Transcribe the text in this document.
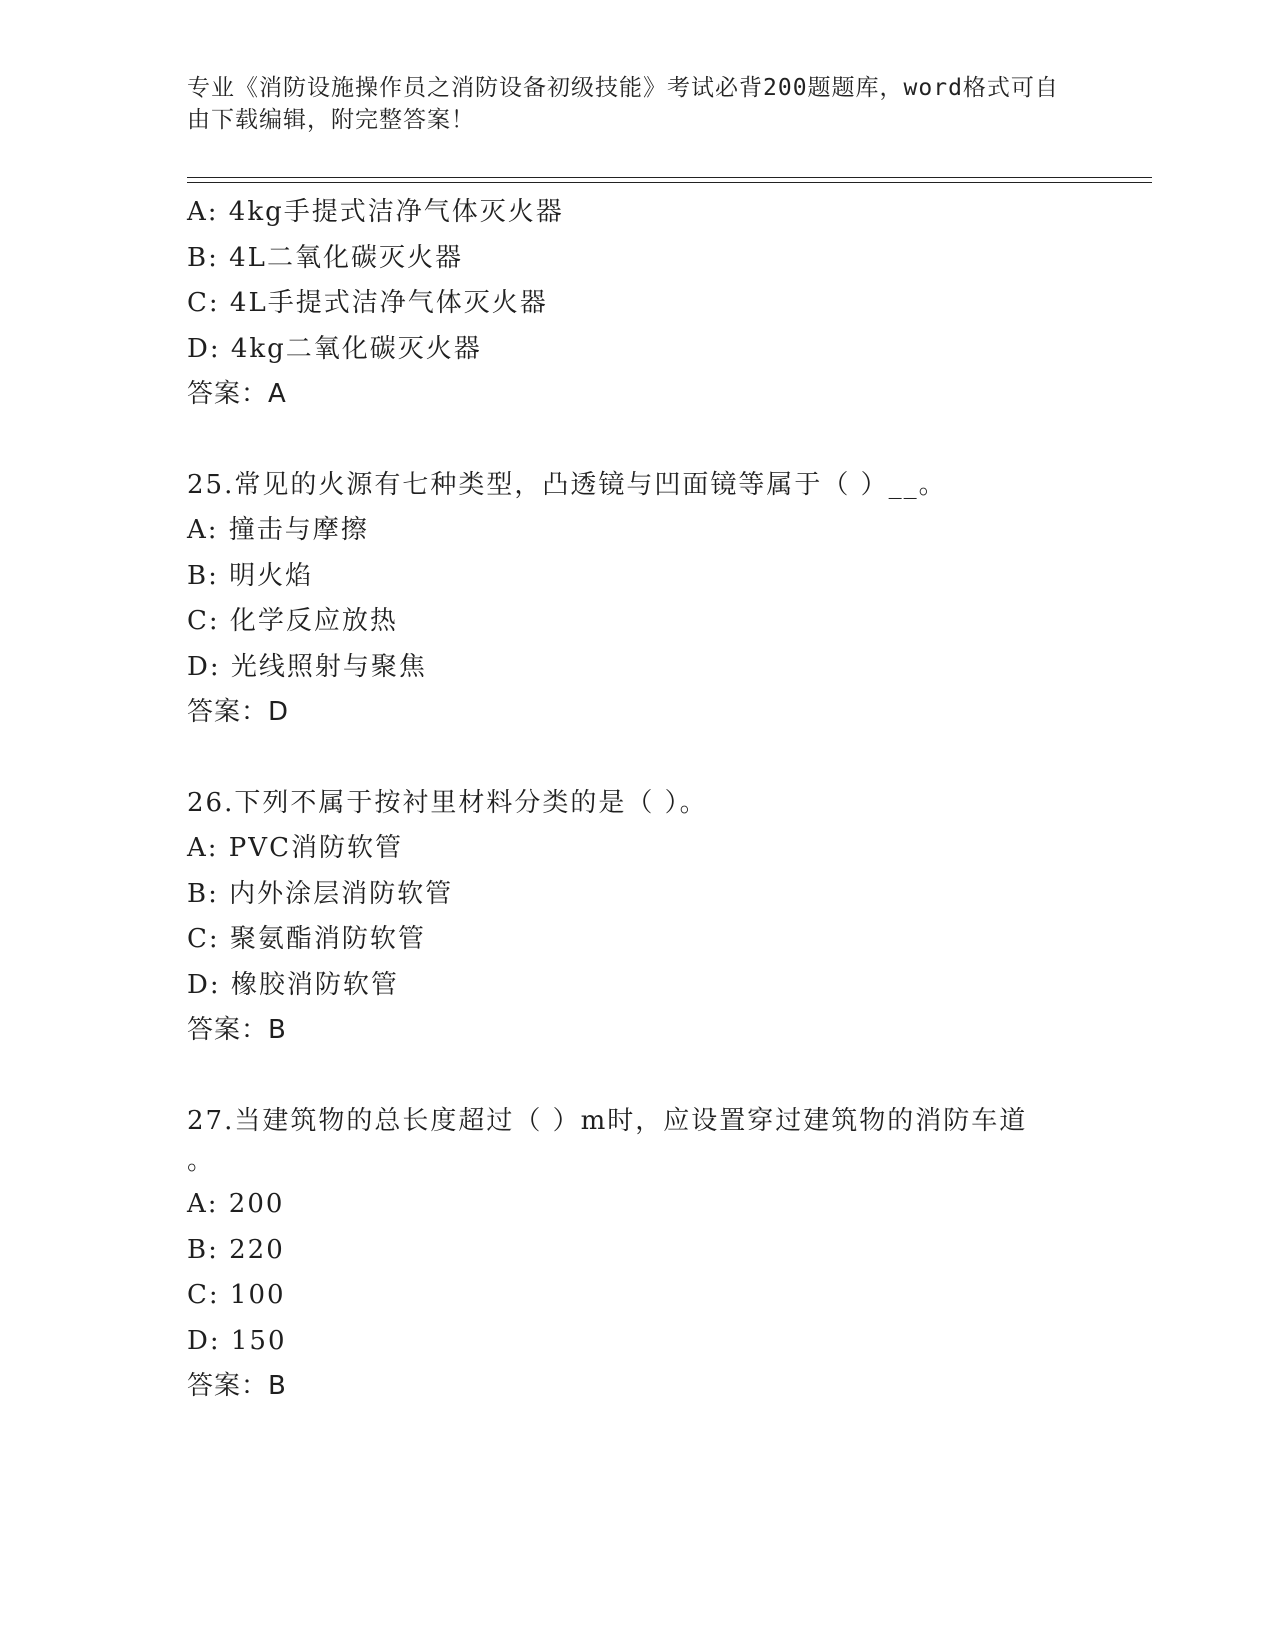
专业《消防设施操作员之消防设备初级技能》考试必背200题题库，word格式可自由下载编辑，附完整答案！
A: 4kg手提式洁净气体灭火器
B: 4L二氧化碳灭火器
C: 4L手提式洁净气体灭火器
D: 4kg二氧化碳灭火器
答案：A
25.常见的火源有七种类型，凸透镜与凹面镜等属于（ ）__。
A: 撞击与摩擦
B: 明火焰
C: 化学反应放热
D: 光线照射与聚焦
答案：D
26.下列不属于按衬里材料分类的是（ ）。
A: PVC消防软管
B: 内外涂层消防软管
C: 聚氨酯消防软管
D: 橡胶消防软管
答案：B
27.当建筑物的总长度超过（ ）m时，应设置穿过建筑物的消防车道
。
A: 200
B: 220
C: 100
D: 150
答案：B
